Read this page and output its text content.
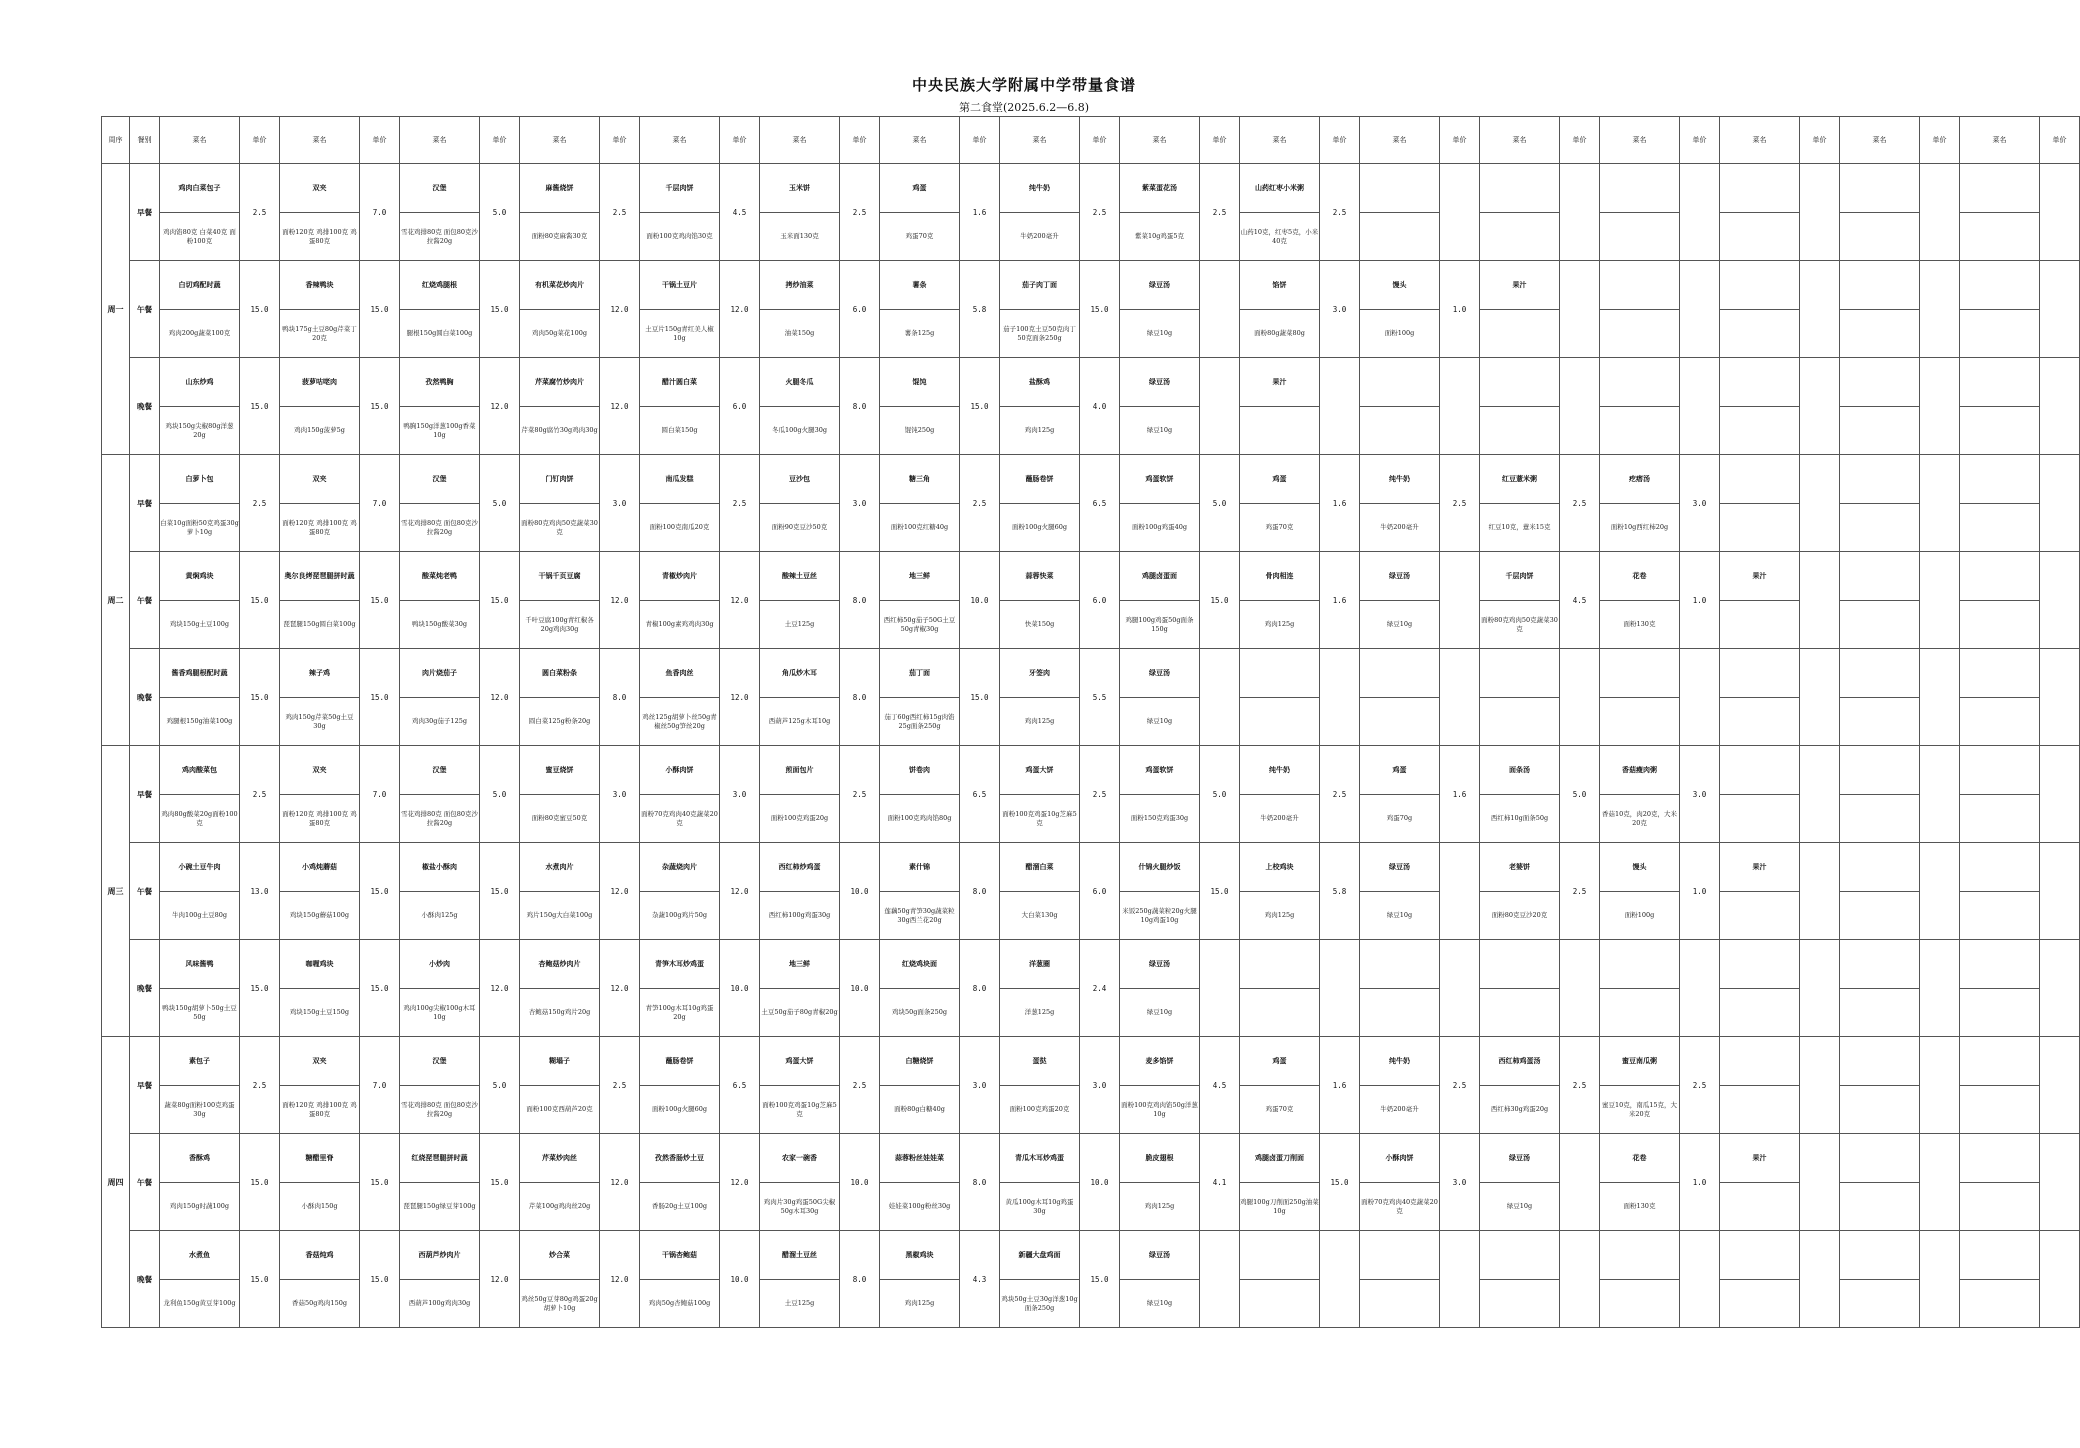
中央民族大学附属中学带量食谱
第二食堂(2025.6.2—6.8)
周序	餐别	菜名	单价	菜名	单价	菜名	单价	菜名	单价	菜名	单价	菜名	单价	菜名	单价	菜名	单价	菜名	单价	菜名	单价	菜名	单价	菜名	单价	菜名	单价	菜名	单价	菜名	单价	菜名	单价
周一	早餐	鸡肉白菜包子	2.5	双夹	7.0	汉堡	5.0	麻酱烧饼	2.5	千层肉饼	4.5	玉米饼	2.5	鸡蛋	1.6	纯牛奶	2.5	紫菜蛋花汤	2.5	山药红枣小米粥	2.5												
		鸡肉馅80克 白菜40克 面粉100克		面粉120克 鸡排100克 鸡蛋80克		雪花鸡排80克 面包80克沙拉酱20g		面粉80克麻酱30克		面粉100克鸡肉馅30克		玉米面130克		鸡蛋70克		牛奶200毫升		紫菜10g鸡蛋5克		山药10克，红枣5克，小米40克													
	午餐	白切鸡配时蔬	15.0	香辣鸭块	15.0	红烧鸡腿根	15.0	有机菜花炒肉片	12.0	干锅土豆片	12.0	拷炒油菜	6.0	薯条	5.8	茄子肉丁面	15.0	绿豆汤		馅饼	3.0	馒头	1.0	果汁									
		鸡肉200g蔬菜100克		鸭块175g土豆80g芹菜丁20克		腿根150g圆白菜100g		鸡肉50g菜花100g		土豆片150g青红美人椒10g		油菜150g		薯条125g		茄子100克土豆50克肉丁50克面条250g		绿豆10g		面粉80g蔬菜80g		面粉100g											
	晚餐	山东炒鸡	15.0	菠萝咕咾肉	15.0	孜然鸭胸	12.0	芹菜腐竹炒肉片	12.0	醋汁圆白菜	6.0	火腿冬瓜	8.0	馄饨	15.0	盐酥鸡	4.0	绿豆汤		果汁													
		鸡块150g尖椒80g洋葱20g		鸡肉150g菠萝5g		鸭胸150g洋葱100g香菜10g		芹菜80g腐竹30g鸡肉30g		圆白菜150g		冬瓜100g火腿30g		馄饨250g		鸡肉125g		绿豆10g															
周二	早餐	白萝卜包	2.5	双夹	7.0	汉堡	5.0	门钉肉饼	3.0	南瓜发糕	2.5	豆沙包	3.0	糖三角	2.5	蘸肠卷饼	6.5	鸡蛋软饼	5.0	鸡蛋	1.6	纯牛奶	2.5	红豆薏米粥	2.5	疙瘩汤	3.0						
		白菜10g面粉50克鸡蛋30g萝卜10g		面粉120克 鸡排100克 鸡蛋80克		雪花鸡排80克 面包80克沙拉酱20g		面粉80克鸡肉50克蔬菜30克		面粉100克南瓜20克		面粉90克豆沙50克		面粉100克红糖40g		面粉100g火腿60g		面粉100g鸡蛋40g		鸡蛋70克		牛奶200毫升		红豆10克，薏米15克		面粉10g西红柿20g							
	午餐	黄焖鸡块	15.0	奥尔良烤琵琶腿拼时蔬	15.0	酸菜炖老鸭	15.0	干锅千页豆腐	12.0	青椒炒肉片	12.0	酸辣土豆丝	8.0	地三鲜	10.0	蒜蓉快菜	6.0	鸡腿卤蛋面	15.0	骨肉相连	1.6	绿豆汤		千层肉饼	4.5	花卷	1.0	果汁					
		鸡块150g土豆100g		琵琶腿150g圆白菜100g		鸭块150g酸菜30g		千叶豆腐100g青红椒各20g鸡肉30g		青椒100g素鸡鸡肉30g		土豆125g		西红柿50g茄子50G土豆50g青椒30g		快菜150g		鸡腿100g鸡蛋50g面条150g		鸡肉125g		绿豆10g		面粉80克鸡肉50克蔬菜30克		面粉130克							
	晚餐	酱香鸡腿根配时蔬	15.0	辣子鸡	15.0	肉片烧茄子	12.0	圆白菜粉条	8.0	鱼香肉丝	12.0	角瓜炒木耳	8.0	茄丁面	15.0	牙签肉	5.5	绿豆汤															
		鸡腿根150g油菜100g		鸡肉150g芹菜50g土豆30g		鸡肉30g茄子125g		圆白菜125g粉条20g		鸡丝125g胡萝卜丝50g青椒丝50g笋丝20g		西葫芦125g木耳10g		茄丁60g西红柿15g肉馅25g面条250g		鸡肉125g		绿豆10g															
周三	早餐	鸡肉酸菜包	2.5	双夹	7.0	汉堡	5.0	蜜豆烧饼	3.0	小酥肉饼	3.0	煎面包片	2.5	饼卷肉	6.5	鸡蛋大饼	2.5	鸡蛋软饼	5.0	纯牛奶	2.5	鸡蛋	1.6	面条汤	5.0	香菇瘦肉粥	3.0						
		鸡肉80g酸菜20g面粉100克		面粉120克 鸡排100克 鸡蛋80克		雪花鸡排80克 面包80克沙拉酱20g		面粉80克蜜豆50克		面粉70克鸡肉40克蔬菜20克		面粉100克鸡蛋20g		面粉100克鸡肉馅80g		面粉100克鸡蛋10g芝麻5克		面粉150克鸡蛋30g		牛奶200毫升		鸡蛋70g		西红柿10g面条50g		香菇10克，肉20克，大米20克							
	午餐	小碗土豆牛肉	13.0	小鸡炖蘑菇	15.0	椒盐小酥肉	15.0	水煮肉片	12.0	杂蔬烧肉片	12.0	西红柿炒鸡蛋	10.0	素什锦	8.0	醋溜白菜	6.0	什锦火腿炒饭	15.0	上校鸡块	5.8	绿豆汤		老婆饼	2.5	馒头	1.0	果汁					
		牛肉100g土豆80g		鸡块150g蘑菇100g		小酥肉125g		鸡片150g大白菜100g		杂蔬100g鸡片50g		西红柿100g鸡蛋30g		莲藕50g青笋30g蔬菜粒30g西兰花20g		大白菜130g		米饭250g蔬菜粒20g火腿10g鸡蛋10g		鸡肉125g		绿豆10g		面粉80克豆沙20克		面粉100g							
	晚餐	风味酱鸭	15.0	咖喱鸡块	15.0	小炒肉	12.0	杏鲍菇炒肉片	12.0	青笋木耳炒鸡蛋	10.0	地三鲜	10.0	红烧鸡块面	8.0	洋葱圈	2.4	绿豆汤															
		鸭块150g胡萝卜50g土豆50g		鸡块150g土豆150g		鸡肉100g尖椒100g木耳10g		杏鲍菇150g鸡片20g		青笋100g木耳10g鸡蛋20g		土豆50g茄子80g青椒20g		鸡块50g面条250g		洋葱125g		绿豆10g															
周四	早餐	素包子	2.5	双夹	7.0	汉堡	5.0	糊塌子	2.5	蘸肠卷饼	6.5	鸡蛋大饼	2.5	白糖烧饼	3.0	蛋挞	3.0	麦多馅饼	4.5	鸡蛋	1.6	纯牛奶	2.5	西红柿鸡蛋汤	2.5	蜜豆南瓜粥	2.5						
		蔬菜80g面粉100克鸡蛋30g		面粉120克 鸡排100克 鸡蛋80克		雪花鸡排80克 面包80克沙拉酱20g		面粉100克西葫芦20克		面粉100g火腿60g		面粉100克鸡蛋10g芝麻5克		面粉80g白糖40g		面粉100克鸡蛋20克		面粉100克鸡肉馅50g洋葱10g		鸡蛋70克		牛奶200毫升		西红柿30g鸡蛋20g		蜜豆10克，南瓜15克，大米20克							
	午餐	香酥鸡	15.0	糖醋里脊	15.0	红烧琵琶腿拼时蔬	15.0	芹菜炒肉丝	12.0	孜然香肠炒土豆	12.0	农家一碗香	10.0	蒜蓉粉丝娃娃菜	8.0	青瓜木耳炒鸡蛋	10.0	脆皮翅根	4.1	鸡腿卤蛋刀削面	15.0	小酥肉饼	3.0	绿豆汤		花卷	1.0	果汁					
		鸡肉150g时蔬100g		小酥肉150g		琵琶腿150g绿豆芽100g		芹菜100g鸡肉丝20g		香肠20g土豆100g		鸡肉片30g鸡蛋50G尖椒50g木耳30g		娃娃菜100g粉丝30g		黄瓜100g木耳10g鸡蛋30g		鸡肉125g		鸡腿100g刀削面250g油菜10g		面粉70克鸡肉40克蔬菜20克		绿豆10g		面粉130克							
	晚餐	水煮鱼	15.0	香菇炖鸡	15.0	西葫芦炒肉片	12.0	炒合菜	12.0	干锅杏鲍菇	10.0	醋溜土豆丝	8.0	黑椒鸡块	4.3	新疆大盘鸡面	15.0	绿豆汤															
		龙利鱼150g黄豆芽100g		香菇50g鸡肉150g		西葫芦100g鸡肉30g		鸡丝50g豆芽80g鸡蛋20g胡萝卜10g		鸡肉50g杏鲍菇100g		土豆125g		鸡肉125g		鸡块50g土豆30g洋葱10g面条250g		绿豆10g															
